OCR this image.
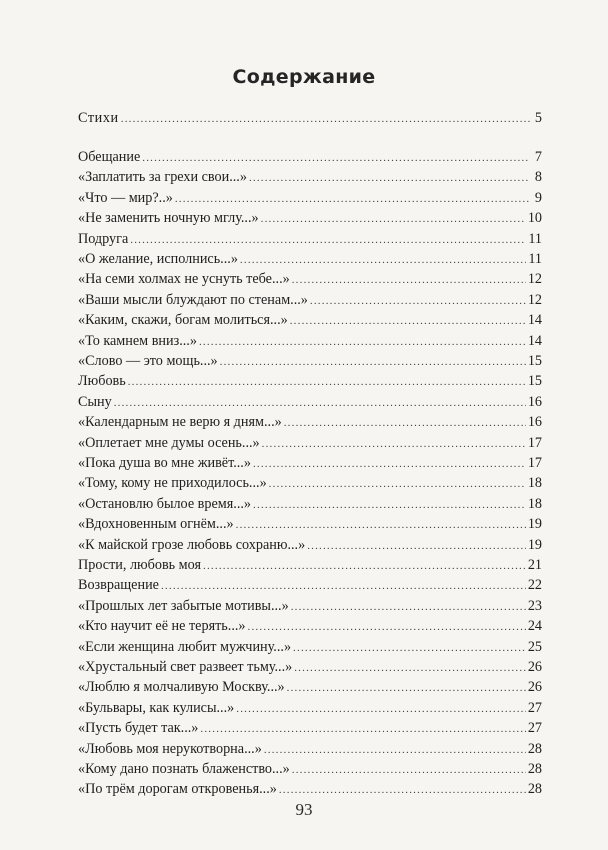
Содержание
Стихи .....	5
Обещание .....	7
«Заплатить за грехи свои...» .....	8
«Что — мир?..» .....	9
«Не заменить ночную мглу...» .....	10
Подруга .....	11
«О желание, исполнись...» .....	11
«На семи холмах не уснуть тебе...» .....	12
«Ваши мысли блуждают по стенам...» .....	12
«Каким, скажи, богам молиться...» .....	14
«То камнем вниз...» .....	14
«Слово — это мощь...» .....	15
Любовь .....	15
Сыну .....	16
«Календарным не верю я дням...» .....	16
«Оплетает мне думы осень...» .....	17
«Пока душа во мне живёт...» .....	17
«Тому, кому не приходилось...» .....	18
«Остановлю былое время...» .....	18
«Вдохновенным огнём...» .....	19
«К майской грозе любовь сохраню...» .....	19
Прости, любовь моя .....	21
Возвращение .....	22
«Прошлых лет забытые мотивы...» .....	23
«Кто научит её не терять...» .....	24
«Если женщина любит мужчину...» .....	25
«Хрустальный свет развеет тьму...» .....	26
«Люблю я молчаливую Москву...» .....	26
«Бульвары, как кулисы...» .....	27
«Пусть будет так...» .....	27
«Любовь моя нерукотворна...» .....	28
«Кому дано познать блаженство...» .....	28
«По трём дорогам откровенья...» .....	28
93
